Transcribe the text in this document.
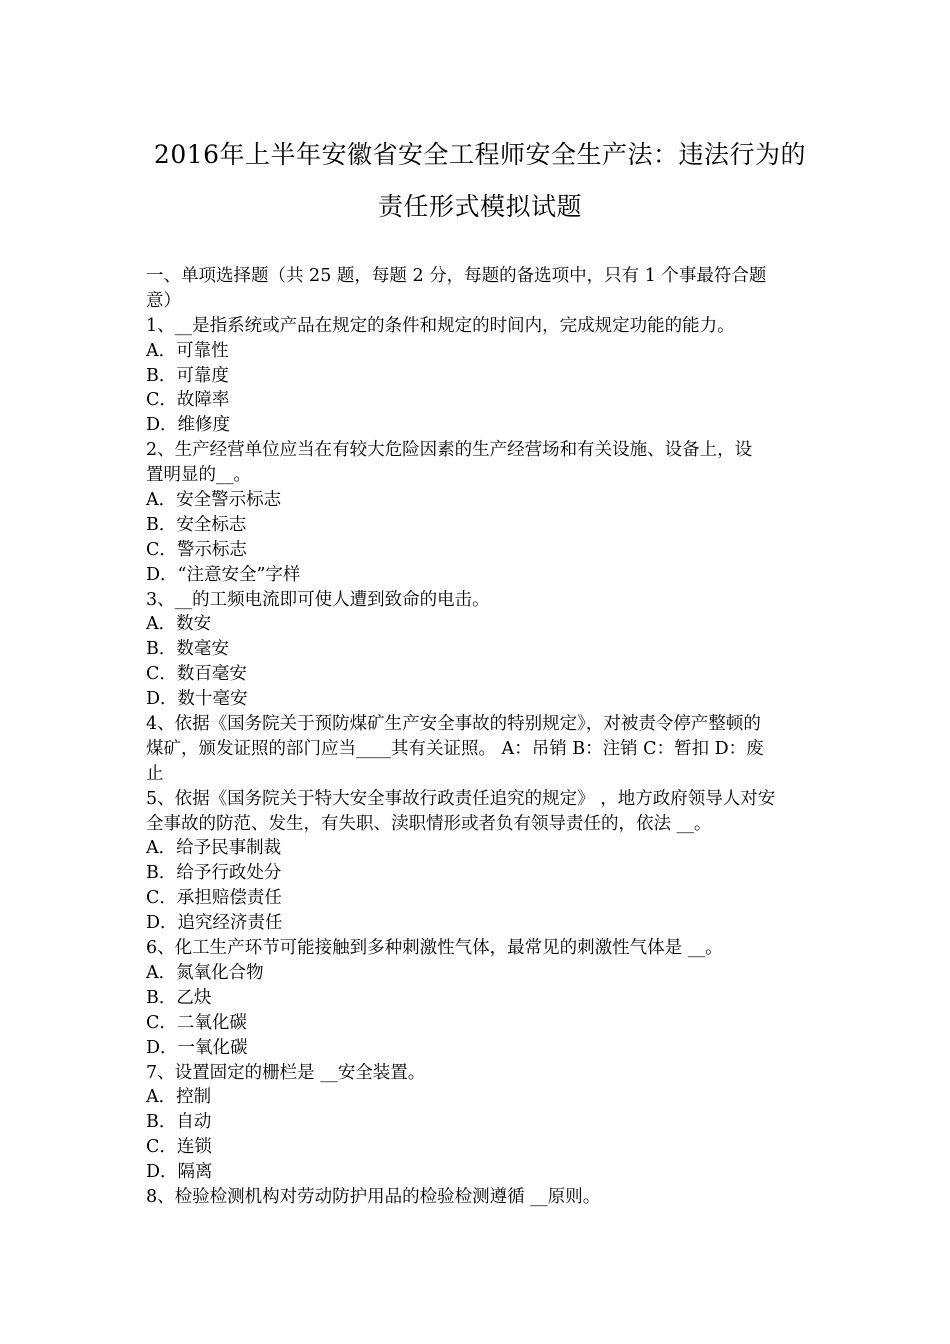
2016年上半年安徽省安全工程师安全生产法：违法行为的
责任形式模拟试题
一、单项选择题（共 25 题，每题 2 分，每题的备选项中，只有 1 个事最符合题
意）
1、__是指系统或产品在规定的条件和规定的时间内，完成规定功能的能力。
A．可靠性
B．可靠度
C．故障率
D．维修度
2、生产经营单位应当在有较大危险因素的生产经营场和有关设施、设备上，设
置明显的__。
A．安全警示标志
B．安全标志
C．警示标志
D．“注意安全”字样
3、__的工频电流即可使人遭到致命的电击。
A．数安
B．数毫安
C．数百毫安
D．数十毫安
4、依据《国务院关于预防煤矿生产安全事故的特别规定》，对被责令停产整顿的
煤矿，颁发证照的部门应当____其有关证照。 A：吊销 B：注销 C：暂扣 D：废
止
5、依据《国务院关于特大安全事故行政责任追究的规定》 ，地方政府领导人对安
全事故的防范、发生，有失职、渎职情形或者负有领导责任的，依法 __。
A．给予民事制裁
B．给予行政处分
C．承担赔偿责任
D．追究经济责任
6、化工生产环节可能接触到多种刺激性气体，最常见的刺激性气体是 __。
A．氮氧化合物
B．乙炔
C．二氧化碳
D．一氧化碳
7、设置固定的栅栏是 __安全装置。
A．控制
B．自动
C．连锁
D．隔离
8、检验检测机构对劳动防护用品的检验检测遵循 __原则。
